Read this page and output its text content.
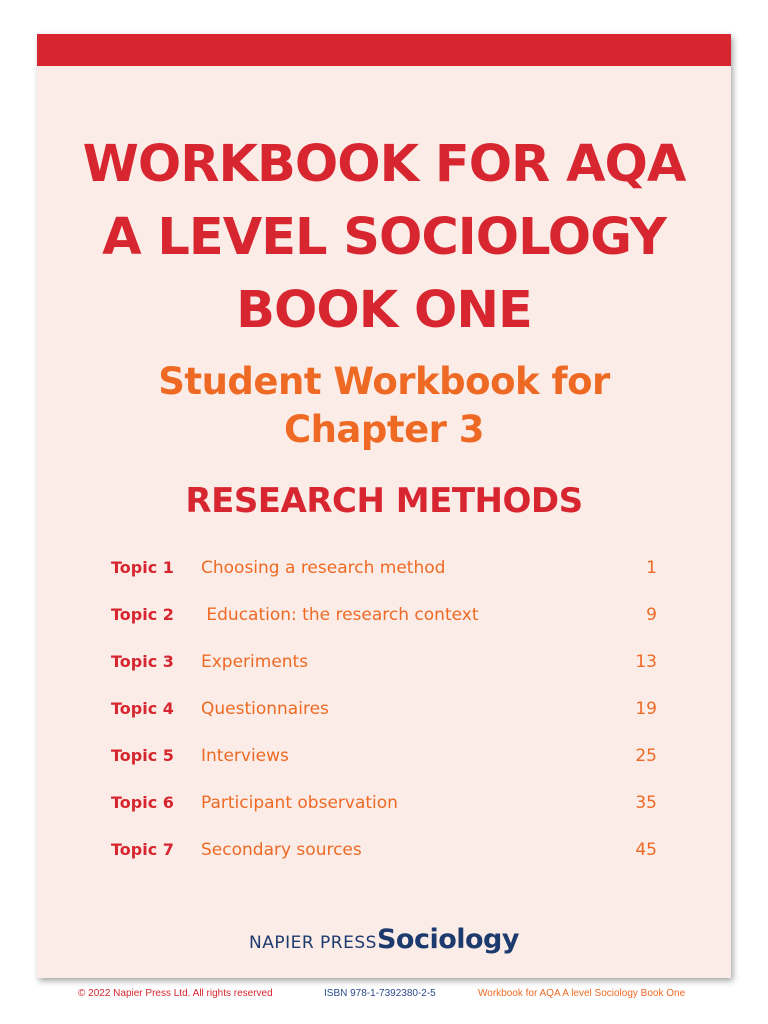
WORKBOOK FOR AQA
A LEVEL SOCIOLOGY
BOOK ONE
Student Workbook for
Chapter 3
RESEARCH METHODS
Topic 1 Choosing a research method	1
Topic 2 Education: the research context	9
Topic 3 Experiments	13
Topic 4 Questionnaires	19
Topic 5 Interviews	25
Topic 6 Participant observation	35
Topic 7 Secondary sources	45
NAPIER PRESSSociology
© 2022 Napier Press Ltd. All rights reserved	ISBN 978-1-7392380-2-5	Workbook for AQA A level Sociology Book One
